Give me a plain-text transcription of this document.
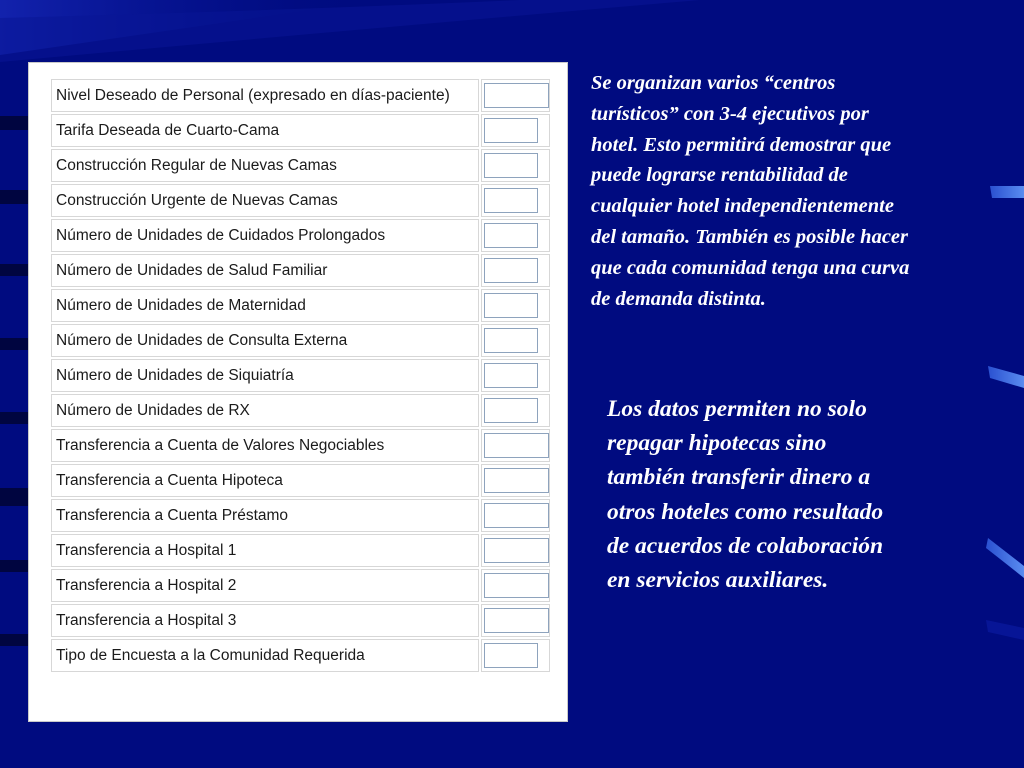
Nivel Deseado de Personal (expresado en días-paciente)	

Tarifa Deseada de Cuarto-Cama	

Construcción Regular de Nuevas Camas	

Construcción Urgente de Nuevas Camas	

Número de Unidades de Cuidados Prolongados	

Número de Unidades de Salud Familiar	

Número de Unidades de Maternidad	

Número de Unidades de Consulta Externa	

Número de Unidades de Siquiatría	

Número de Unidades de RX	

Transferencia a Cuenta de Valores Negociables	

Transferencia a Cuenta Hipoteca	

Transferencia a Cuenta Préstamo	

Transferencia a Hospital 1	

Transferencia a Hospital 2	

Transferencia a Hospital 3	

Tipo de Encuesta a la Comunidad Requerida	
Se organizan varios “centros
turísticos” con 3-4 ejecutivos por
hotel. Esto permitirá demostrar que
puede lograrse rentabilidad de
cualquier hotel independientemente
del tamaño. También es posible hacer
que cada comunidad tenga una curva
de demanda distinta.
Los datos permiten no solo
repagar hipotecas sino
también transferir dinero a
otros hoteles como resultado
de acuerdos de colaboración
en servicios auxiliares.
